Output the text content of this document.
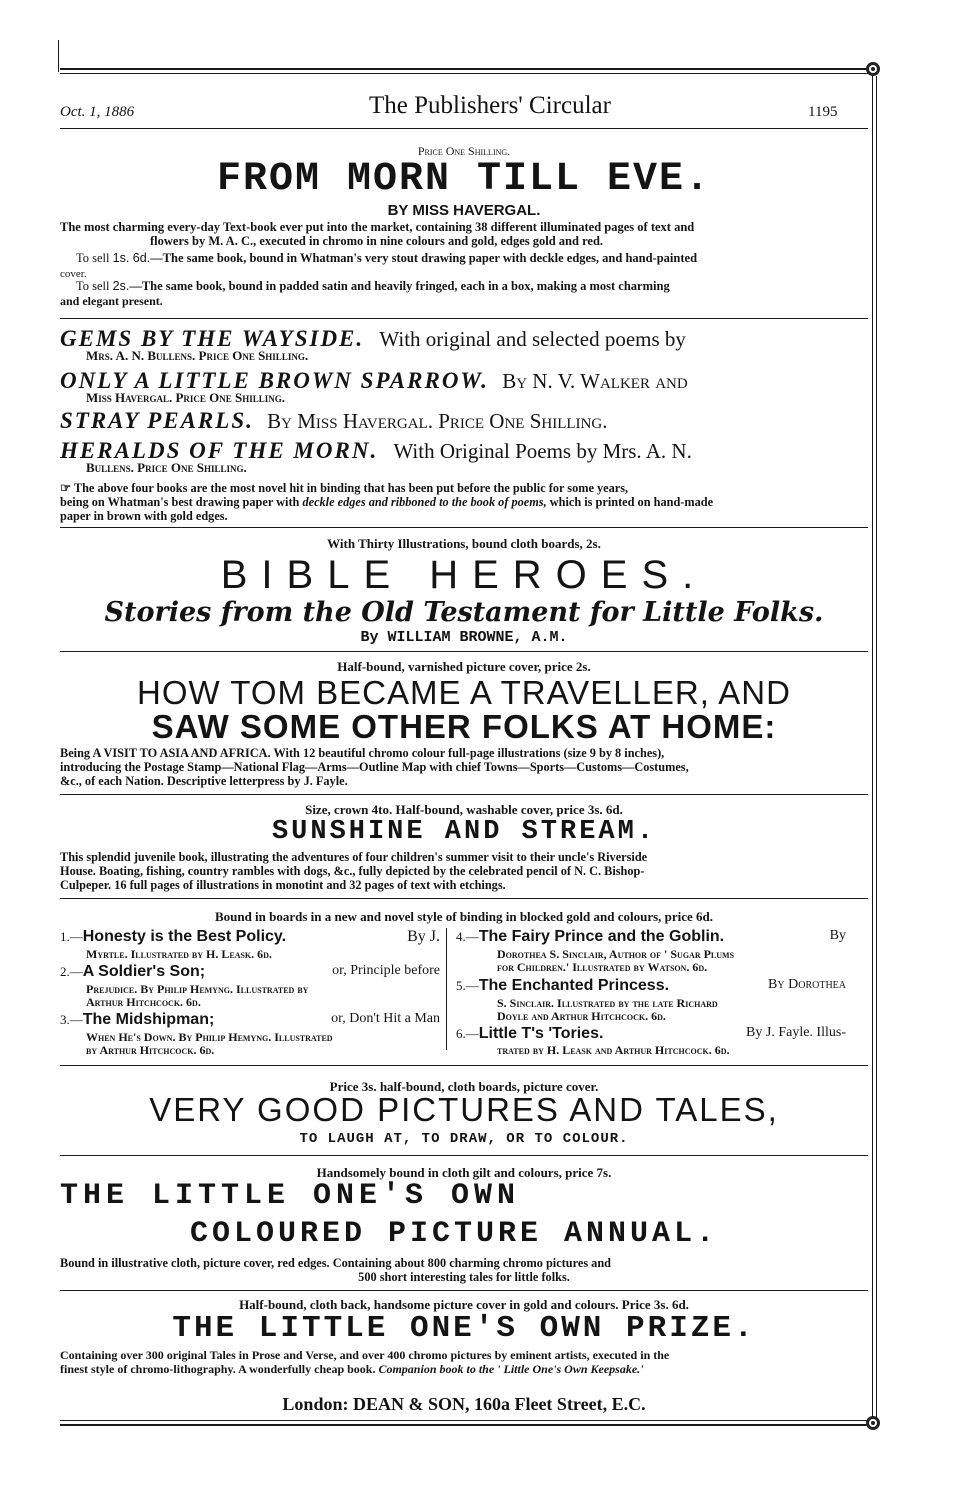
Oct. 1, 1886	The Publishers' Circular	1195
Price One Shilling.
FROM MORN TILL EVE.
BY MISS HAVERGAL.
The most charming every-day Text-book ever put into the market, containing 38 different illuminated pages of text and
flowers by M. A. C., executed in chromo in nine colours and gold, edges gold and red.
To sell 1s. 6d.—The same book, bound in Whatman's very stout drawing paper with deckle edges, and hand-painted
cover.
To sell 2s.—The same book, bound in padded satin and heavily fringed, each in a box, making a most charming
and elegant present.
GEMS BY THE WAYSIDE. With original and selected poems by
Mrs. A. N. Bullens. Price One Shilling.
ONLY A LITTLE BROWN SPARROW. By N. V. Walker and
Miss Havergal. Price One Shilling.
STRAY PEARLS. By Miss Havergal. Price One Shilling.
HERALDS OF THE MORN. With Original Poems by Mrs. A. N.
Bullens. Price One Shilling.
☞ The above four books are the most novel hit in binding that has been put before the public for some years,
being on Whatman's best drawing paper with deckle edges and ribboned to the book of poems, which is printed on hand-made
paper in brown with gold edges.
With Thirty Illustrations, bound cloth boards, 2s.
BIBLE HEROES.
Stories from the Old Testament for Little Folks.
By WILLIAM BROWNE, A.M.
Half-bound, varnished picture cover, price 2s.
HOW TOM BECAME A TRAVELLER, AND
SAW SOME OTHER FOLKS AT HOME:
Being A VISIT TO ASIA AND AFRICA. With 12 beautiful chromo colour full-page illustrations (size 9 by 8 inches),
introducing the Postage Stamp—National Flag—Arms—Outline Map with chief Towns—Sports—Customs—Costumes,
&c., of each Nation. Descriptive letterpress by J. Fayle.
Size, crown 4to. Half-bound, washable cover, price 3s. 6d.
SUNSHINE AND STREAM.
This splendid juvenile book, illustrating the adventures of four children's summer visit to their uncle's Riverside
House. Boating, fishing, country rambles with dogs, &c., fully depicted by the celebrated pencil of N. C. Bishop-
Culpeper. 16 full pages of illustrations in monotint and 32 pages of text with etchings.
Bound in boards in a new and novel style of binding in blocked gold and colours, price 6d.
1.—Honesty is the Best Policy.	By J.
Myrtle. Illustrated by H. Leask. 6d.
2.—A Soldier's Son;	or, Principle before
Prejudice. By Philip Hemyng. Illustrated by
Arthur Hitchcock. 6d.
3.—The Midshipman;	or, Don't Hit a Man
When He's Down. By Philip Hemyng. Illustrated
by Arthur Hitchcock. 6d.
4.—The Fairy Prince and the Goblin.	By
Dorothea S. Sinclair, Author of ' Sugar Plums
for Children.' Illustrated by Watson. 6d.
5.—The Enchanted Princess.	By Dorothea
S. Sinclair. Illustrated by the late Richard
Doyle and Arthur Hitchcock. 6d.
6.—Little T's 'Tories.	By J. Fayle. Illus-
trated by H. Leask and Arthur Hitchcock. 6d.
Price 3s. half-bound, cloth boards, picture cover.
VERY GOOD PICTURES AND TALES,
TO LAUGH AT, TO DRAW, OR TO COLOUR.
Handsomely bound in cloth gilt and colours, price 7s.
THE LITTLE ONE'S OWN
COLOURED PICTURE ANNUAL.
Bound in illustrative cloth, picture cover, red edges. Containing about 800 charming chromo pictures and
500 short interesting tales for little folks.
Half-bound, cloth back, handsome picture cover in gold and colours. Price 3s. 6d.
THE LITTLE ONE'S OWN PRIZE.
Containing over 300 original Tales in Prose and Verse, and over 400 chromo pictures by eminent artists, executed in the
finest style of chromo-lithography. A wonderfully cheap book. Companion book to the ' Little One's Own Keepsake.'
London: DEAN & SON, 160a Fleet Street, E.C.
